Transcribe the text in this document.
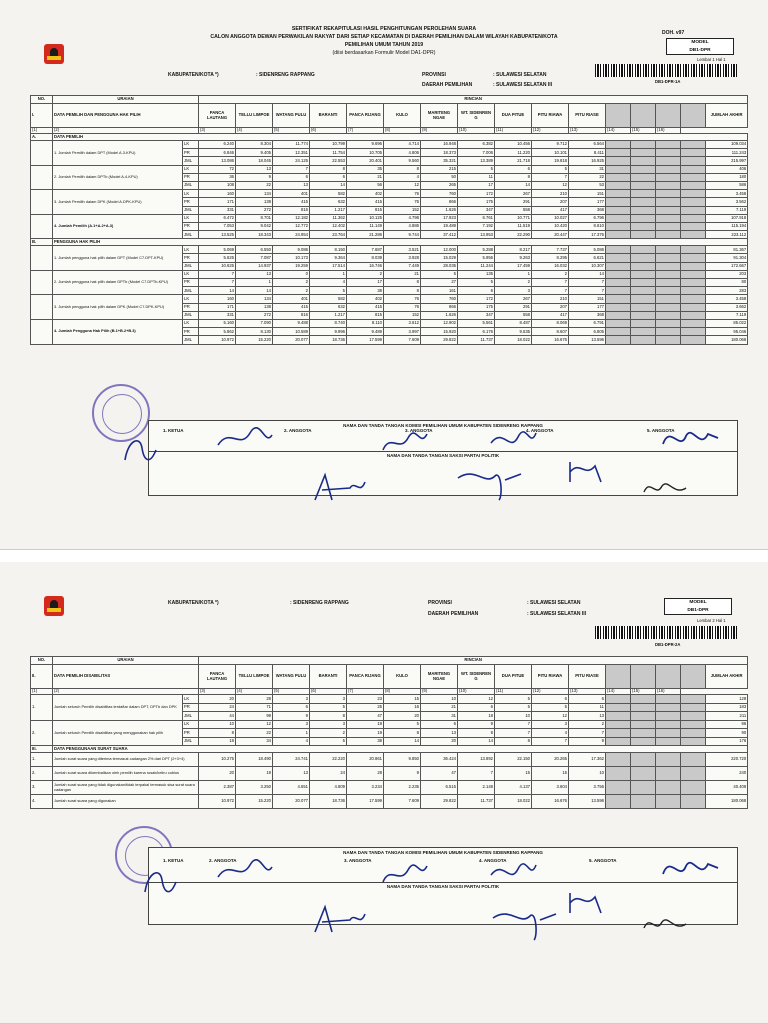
DOH. v97
SERTIFIKAT REKAPITULASI HASIL PENGHITUNGAN PEROLEHAN SUARA
CALON ANGGOTA DEWAN PERWAKILAN RAKYAT DARI SETIAP KECAMATAN DI DAERAH PEMILIHAN DALAM WILAYAH KABUPATEN/KOTA
PEMILIHAN UMUM TAHUN 2019
(diisi berdasarkan Formulir Model DA1-DPR)
MODEL
DB1-DPR
Lembar 1 Hal 1
DB1-DPR-1A
KABUPATEN/KOTA *)	: SIDENRENG RAPPANG	PROVINSI	: SULAWESI SELATAN
DAERAH PEMILIHAN	: SULAWESI SELATAN III
NO.	URAIAN		RINCIAN															
I.	DATA PEMILIH DAN PENGGUNA HAK PILIH		PANCA LAUTANG	TELLU LIMPOE	WATANG PULU	BARANTI	PANCA RIJANG	KULO	MARITENG NGAE	WT. SIDENREN G	DUA PITUE	PITU RIAWA	PITU RIASE					JUMLAH AKHIR
(1)	(2)		(3)	(4)	(5)	(6)	(7)	(8)	(9)	(10)	(11)	(12)	(13)	(14)	(15)	(16)		
A.	DATA PEMILIH																	
	1. Jumlah Pemilih dalam DPT (Model A.3-KPU)	LK	6.240	8.304	11.774	10.799	9.696	4.714	16.948	6.382	10.456	9.712	6.564					109.034
		PR	6.846	9.405	12.351	11.754	10.705	4.806	18.373	7.006	11.220	10.101	8.411					111.243
		JML	13.086	18.045	24.125	22.553	20.401	9.560	35.321	13.389	21.718	19.818	16.925					215.997
	2. Jumlah Pemilih dalam DPTb (Model A.4-KPU)	LK	72	13	7	8	35	8	215	5	6	5	31					406
		PR	36	9	6	6	21	4	50	11	8	7	22					180
		JML	108	22	13	14	56	12	265	17	14	12	53					586
	3. Jumlah Pemilih dalam DPK (Model A.DPK-KPU)	LK	160	134	401	582	402	76	760	172	267	210	151					3.458
		PR	171	138	415	632	415	76	866	175	291	207	177					3.562
		JML	331	272	816	1.217	815	152	1.626	347	558	417	368					7.119
	4. Jumlah Pemilih (A.1+A.2+A.3)	LK	6.472	8.701	12.182	11.362	10.125	4.798	17.923	6.761	10.771	10.027	6.796					107.918
		PR	7.053	9.042	12.772	12.402	11.149	4.886	19.489	7.192	11.519	10.420	8.610					115.194
		JML	13.525	18.343	24.954	23.764	21.286	9.744	37.412	13.953	22.290	20.447	17.376					223.112
B.	PENGGUNA HAK PILIH																	
	1. Jumlah pengguna hak pilih dalam DPT (Model C7.DPT-KPU)	LK	5.069	6.550	9.086	8.150	7.687	3.521	12.000	5.288	8.217	7.737	5.086					81.367
		PR	5.625	7.087	10.173	9.364	8.039	3.928	15.029	5.956	9.263	8.295	6.621					91.304
		JML	10.625	14.937	19.259	17.514	16.746	7.449	28.035	11.244	17.459	16.032	10.307					172.667
	2. Jumlah pengguna hak pilih dalam DPTb (Model C7.DPTb-KPU)	LK	7	13	0	1	2	21	5	135	1	2	14					203
		PR	7	1	2	4	17	8	27	5	2	7	7					80
		JML	14	14	2	5	38	8	161	6	3	7	7					283
	3. Jumlah pengguna hak pilih dalam DPK (Model C7.DPK-KPU)	LK	160	134	401	582	402	76	760	172	267	210	151					3.458
		PR	171	138	415	632	415	76	866	175	291	207	177					3.662
		JML	331	272	816	1.217	815	152	1.626	347	558	417	368					7.119
	4. Jumlah Pengguna Hak Pilih (B.1+B.2+B.3)	LK	5.160	7.090	9.488	8.740	8.110	3.612	12.902	5.561	8.487	8.069	6.791					85.022
		PR	5.862	8.130	10.589	9.996	9.489	3.997	15.920	6.176	9.535	8.607	6.805					95.046
		JML	10.972	15.220	20.077	18.736	17.599	7.609	29.822	11.737	18.022	16.676	13.596					180.068
NAMA DAN TANDA TANGAN KOMISI PEMILIHAN UMUM KABUPATEN SIDENRENG RAPPANG
1. KETUA	2. ANGGOTA	3. ANGGOTA	4. ANGGOTA	5. ANGGOTA
NAMA DAN TANDA TANGAN SAKSI PARTAI POLITIK
KABUPATEN/KOTA *)	: SIDENRENG RAPPANG	PROVINSI	: SULAWESI SELATAN
DAERAH PEMILIHAN	: SULAWESI SELATAN III
MODEL
DB1-DPR
Lembar 2 Hal 1
DB1-DPR-2A
NO.	URAIAN		RINCIAN															
II.	DATA PEMILIH DISABILITAS		PANCA LAUTANG	TELLU LIMPOE	WATANG PULU	BARANTI	PANCA RIJANG	KULO	MARITENG NGAE	WT. SIDENREN G	DUA PITUE	PITU RIAWA	PITU RIASE					JUMLAH AKHIR
(1)	(2)		(3)	(4)	(5)	(6)	(7)	(8)	(9)	(10)	(11)	(12)	(13)	(14)	(15)	(16)		
1.	Jumlah seluruh Pemilih disabilitas terdaftar dalam DPT, DPTb dan DPK	LK	20	28	3	3	23	15	10	12	5	6	6					128
		PR	24	71	6	5	25	16	21	6	5	5	11					183
		JML	44	99	9	8	47	20	31	18	10	12	13					211
2.	Jumlah seluruh Pemilih disabilitas yang menggunakan hak pilih	LK	10	12	3	3	19	5	6	9	7	3	2					86
		PR	8	22	1	2	19	8	13	8	7	4	7					90
		JML	18	34	4	5	38	14	20	14	8	7	9					176
III.	DATA PENGGUNAAN SURAT SUARA																	
1.	Jumlah surat suara yang diterima termasuk cadangan 2% dari DPT (2+3+4)		10.275	18.490	24.741	22.220	20.861	9.850	36.424	13.892	22.150	20.265	17.362					220.720
2.	Jumlah surat suara dikembalikan oleh pemilih karena rusak/keliru coblos		20	19	13	24	28	9	47	7	15	15	10					240
3.	Jumlah surat suara yang tidak digunakan/tidak terpakai termasuk sisa surat suara cadangan		2.387	3.250	4.651	4.809	3.234	2.235	6.515	2.148	4.137	3.604	3.756					40.409
4.	Jumlah surat suara yang digunakan		10.972	15.220	20.077	18.736	17.599	7.609	29.822	11.737	18.022	16.676	13.596					180.068
NAMA DAN TANDA TANGAN KOMISI PEMILIHAN UMUM KABUPATEN SIDENRENG RAPPANG
1. KETUA	2. ANGGOTA	3. ANGGOTA	4. ANGGOTA	5. ANGGOTA
NAMA DAN TANDA TANGAN SAKSI PARTAI POLITIK
